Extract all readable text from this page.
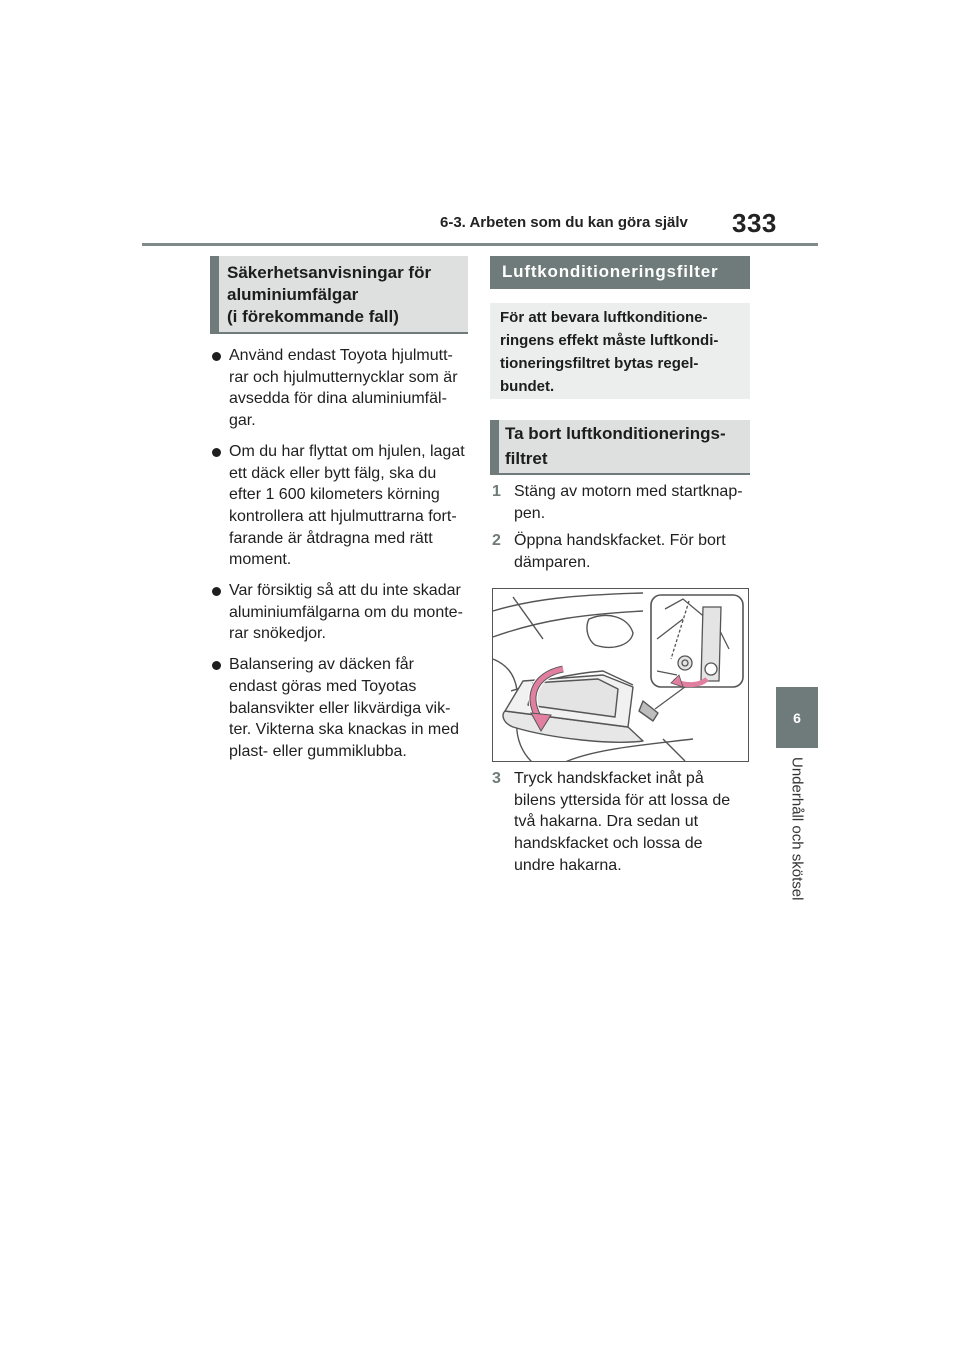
6-3. Arbeten som du kan göra själv 333
6
Underhåll och skötsel
Säkerhetsanvisningar för
aluminiumfälgar
(i förekommande fall)
Använd endast Toyota hjulmutt-
rar och hjulmutternycklar som är
avsedda för dina aluminiumfäl-
gar.
Om du har flyttat om hjulen, lagat
ett däck eller bytt fälg, ska du
efter 1 600 kilometers körning
kontrollera att hjulmuttrarna fort-
farande är åtdragna med rätt
moment.
Var försiktig så att du inte skadar
aluminiumfälgarna om du monte-
rar snökedjor.
Balansering av däcken får
endast göras med Toyotas
balansvikter eller likvärdiga vik-
ter. Vikterna ska knackas in med
plast- eller gummiklubba.
Luftkonditioneringsfilter
För att bevara luftkonditione-
ringens effekt måste luftkondi-
tioneringsfiltret bytas regel-
bundet.
Ta bort luftkonditionerings-
filtret
1 Stäng av motorn med startknap-
pen.
2 Öppna handskfacket. För bort
dämparen.
3 Tryck handskfacket inåt på
bilens yttersida för att lossa de
två hakarna. Dra sedan ut
handskfacket och lossa de
undre hakarna.
